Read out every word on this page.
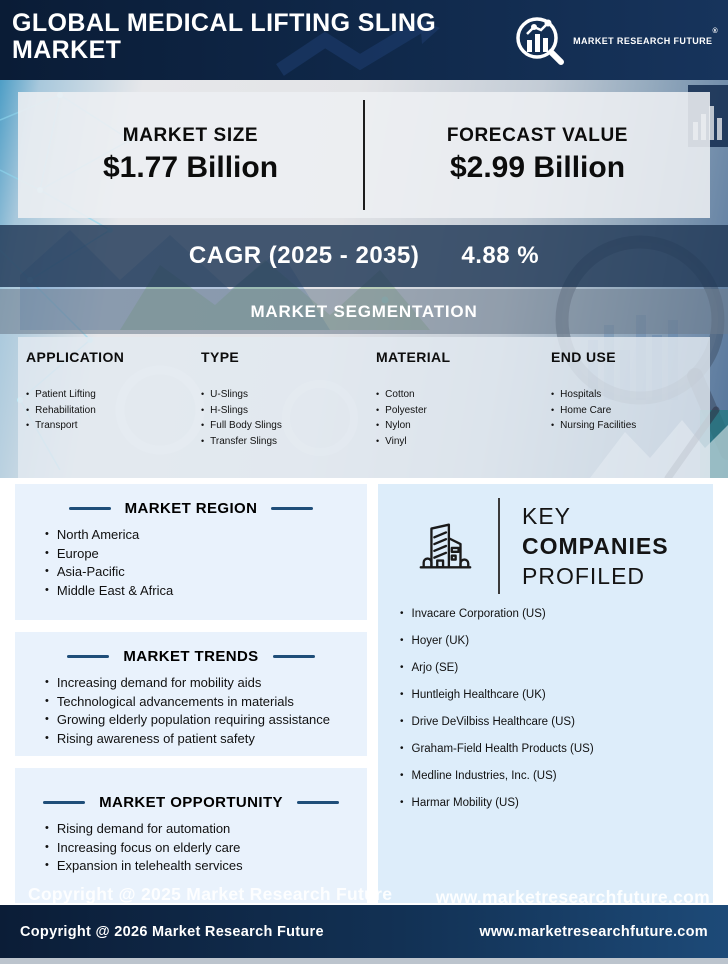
GLOBAL MEDICAL LIFTING SLING
MARKET	MARKET RESEARCH FUTURE®
MARKET SIZE
$1.77 Billion
FORECAST VALUE
$2.99 Billion
CAGR (2025 - 2035) 4.88 %
MARKET SEGMENTATION
APPLICATION
• Patient Lifting
• Rehabilitation
• Transport
TYPE
• U-Slings
• H-Slings
• Full Body Slings
• Transfer Slings
MATERIAL
• Cotton
• Polyester
• Nylon
• Vinyl
END USE
• Hospitals
• Home Care
• Nursing Facilities
MARKET REGION
• North America
• Europe
• Asia-Pacific
• Middle East & Africa
MARKET TRENDS
• Increasing demand for mobility aids
• Technological advancements in materials
• Growing elderly population requiring assistance
• Rising awareness of patient safety
MARKET OPPORTUNITY
• Rising demand for automation
• Increasing focus on elderly care
• Expansion in telehealth services
KEY
COMPANIES
PROFILED
• Invacare Corporation (US)
• Hoyer (UK)
• Arjo (SE)
• Huntleigh Healthcare (UK)
• Drive DeVilbiss Healthcare (US)
• Graham-Field Health Products (US)
• Medline Industries, Inc. (US)
• Harmar Mobility (US)
Copyright @ 2025 Market Research Future www.marketresearchfuture.com
Copyright @ 2026 Market Research Future	www.marketresearchfuture.com
